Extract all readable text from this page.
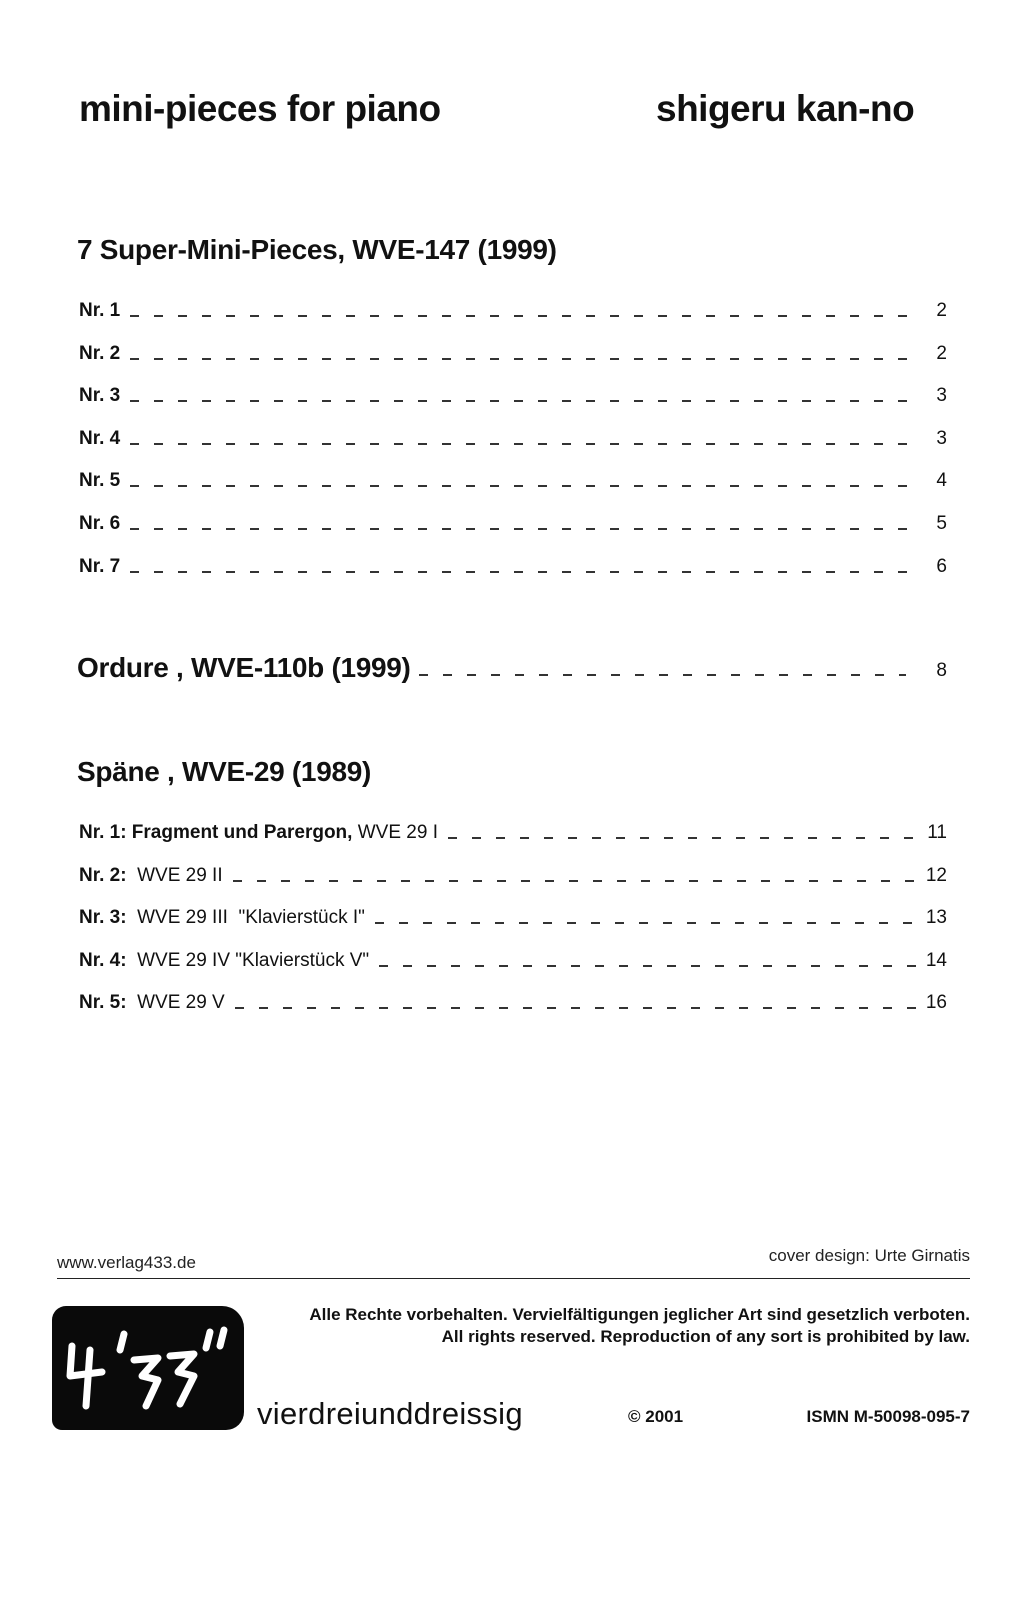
mini-pieces for piano	shigeru kan-no
7 Super-Mini-Pieces, WVE-147 (1999)
Nr. 1	2
Nr. 2	2
Nr. 3	3
Nr. 4	3
Nr. 5	4
Nr. 6	5
Nr. 7	6
Ordure , WVE-110b (1999)	8
Späne , WVE-29 (1989)
Nr. 1: Fragment und Parergon, WVE 29 I	11
Nr. 2:  WVE 29 II	12
Nr. 3:  WVE 29 III  "Klavierstück I"	13
Nr. 4:  WVE 29 IV "Klavierstück V"	14
Nr. 5:  WVE 29 V	16
www.verlag433.de	cover design: Urte Girnatis
Alle Rechte vorbehalten. Vervielfältigungen jeglicher Art sind gesetzlich verboten.
All rights reserved. Reproduction of any sort is prohibited by law.
vierdreiunddreissig	© 2001	ISMN M-50098-095-7
